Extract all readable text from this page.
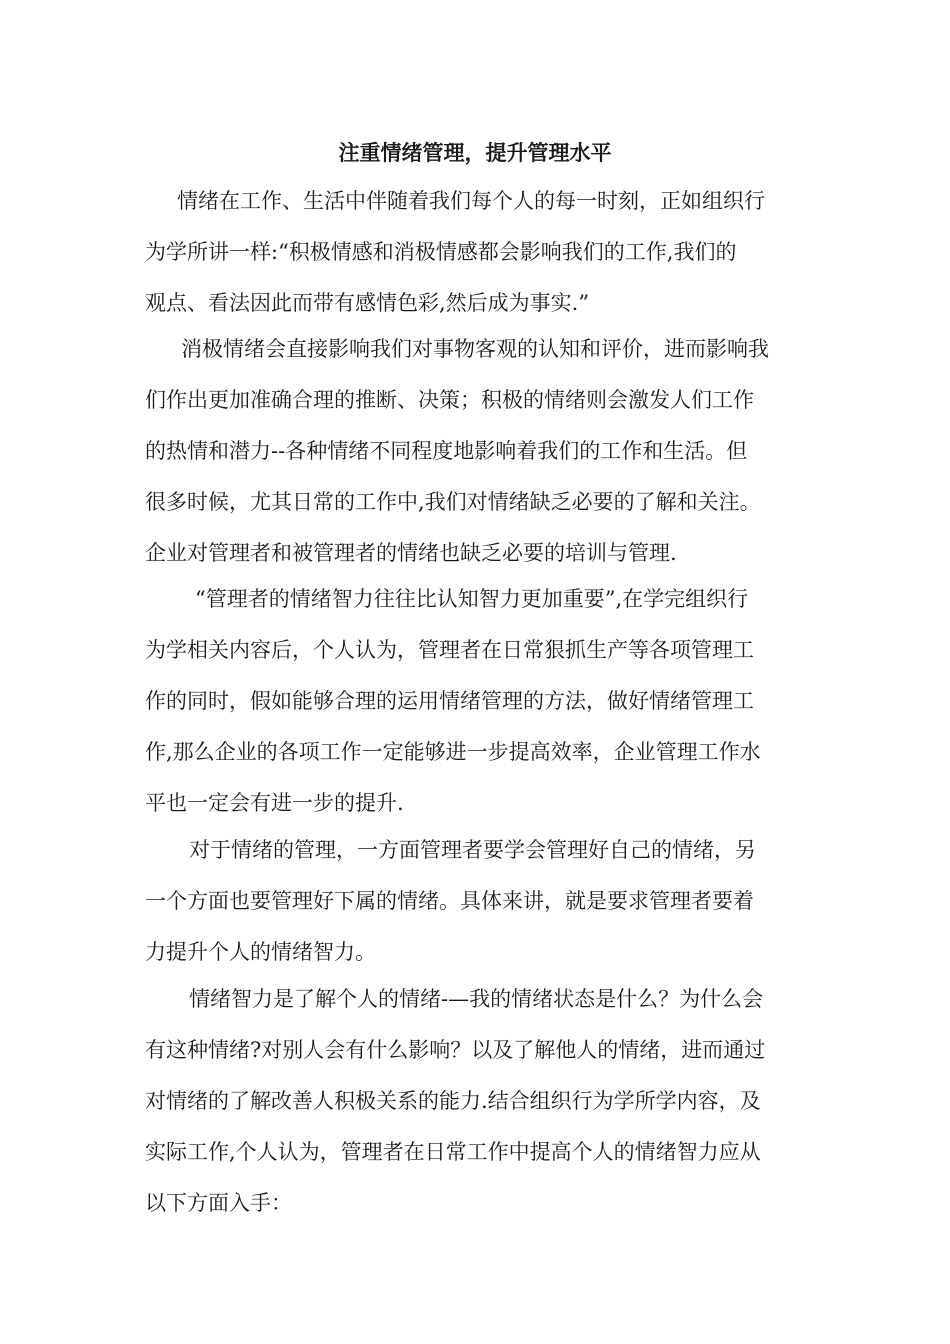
注重情绪管理，提升管理水平

情绪在工作、生活中伴随着我们每个人的每一时刻，正如组织行
为学所讲一样:“积极情感和消极情感都会影响我们的工作,我们的
观点、看法因此而带有感情色彩,然后成为事实.”

消极情绪会直接影响我们对事物客观的认知和评价，进而影响我
们作出更加准确合理的推断、决策；积极的情绪则会激发人们工作
的热情和潜力--各种情绪不同程度地影响着我们的工作和生活。但
很多时候，尤其日常的工作中,我们对情绪缺乏必要的了解和关注。
企业对管理者和被管理者的情绪也缺乏必要的培训与管理.

“管理者的情绪智力往往比认知智力更加重要”,在学完组织行
为学相关内容后，个人认为，管理者在日常狠抓生产等各项管理工
作的同时，假如能够合理的运用情绪管理的方法，做好情绪管理工
作,那么企业的各项工作一定能够进一步提高效率，企业管理工作水
平也一定会有进一步的提升.

对于情绪的管理，一方面管理者要学会管理好自己的情绪，另
一个方面也要管理好下属的情绪。具体来讲，就是要求管理者要着
力提升个人的情绪智力。

情绪智力是了解个人的情绪-—我的情绪状态是什么？为什么会
有这种情绪?对别人会有什么影响？以及了解他人的情绪，进而通过
对情绪的了解改善人积极关系的能力.结合组织行为学所学内容，及
实际工作,个人认为，管理者在日常工作中提高个人的情绪智力应从
以下方面入手：
